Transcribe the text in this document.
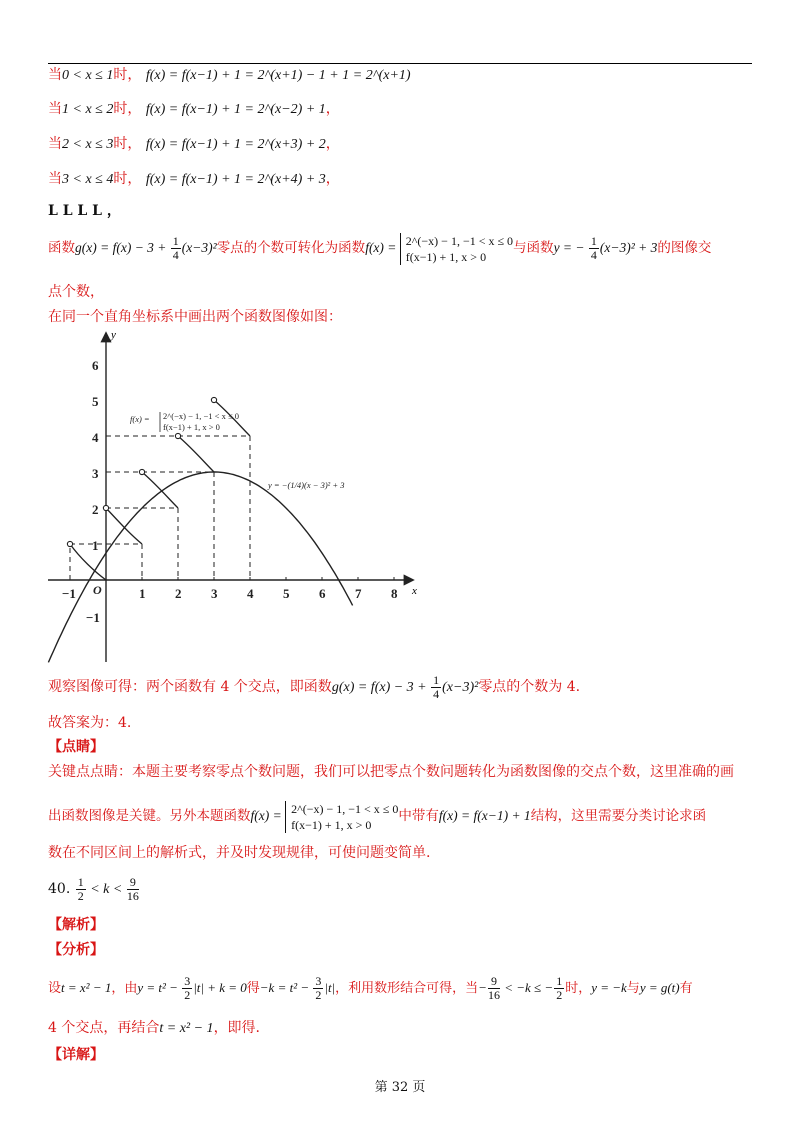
当0 < x ≤ 1时， f(x) = f(x−1) + 1 = 2^(x+1) − 1 + 1 = 2^(x+1)
当1 < x ≤ 2时， f(x) = f(x−1) + 1 = 2^(x−2) + 1，
当2 < x ≤ 3时， f(x) = f(x−1) + 1 = 2^(x+3) + 2，
当3 < x ≤ 4时， f(x) = f(x−1) + 1 = 2^(x+4) + 3，
L L L L ，
函数$g(x) = f(x) - 3 + \frac{1}{4} (x-3)^2$零点的个数可转化为函数f(x) = 2^(−x) − 1, −1 < x ≤ 0
f(x−1) + 1, x > 0
与函数y = − $\frac{1}{4} (x-3)^2 + 3$的图像交
点个数，
在同一个直角坐标系中画出两个函数图像如图：
x
y
−1 O	1 2 3 4 5 6 7 8
6
5
4
3
2
1
−1
f(x) = 2^(−x) − 1, −1 < x ≤ 0
f(x−1) + 1, x > 0
y = −(1/4)(x − 3)² + 3
观察图像可得：两个函数有 4 个交点，即函数$g(x) = f(x) - 3 + \frac{1}{4} (x-3)^2$零点的个数为 4.
故答案为：4.
【点睛】
关键点点睛：本题主要考察零点个数问题，我们可以把零点个数问题转化为函数图像的交点个数，这里准确的画
出函数图像是关键。另外本题函数f(x) = 2^(−x) − 1, −1 < x ≤ 0
f(x−1) + 1, x > 0
中带有f(x) = f(x−1) + 1结构，这里需要分类讨论求函
数在不同区间上的解析式，并及时发现规律，可使问题变简单.
40. $\frac{1}{2} < k < \frac{9}{16}$
【解析】
【分析】
设t = x² − 1，由$y = t^2 - \frac{3}{2} |t| + k = 0$得$-k = t^2 - \frac{3}{2} |t|$，利用数形结合可得，当− $\frac{9}{16} < -k$ ≤ − $\frac{1}{2}$ 时，y = −k与y = g(t)有
4 个交点，再结合t = x² − 1，即得.
【详解】
第 32 页
